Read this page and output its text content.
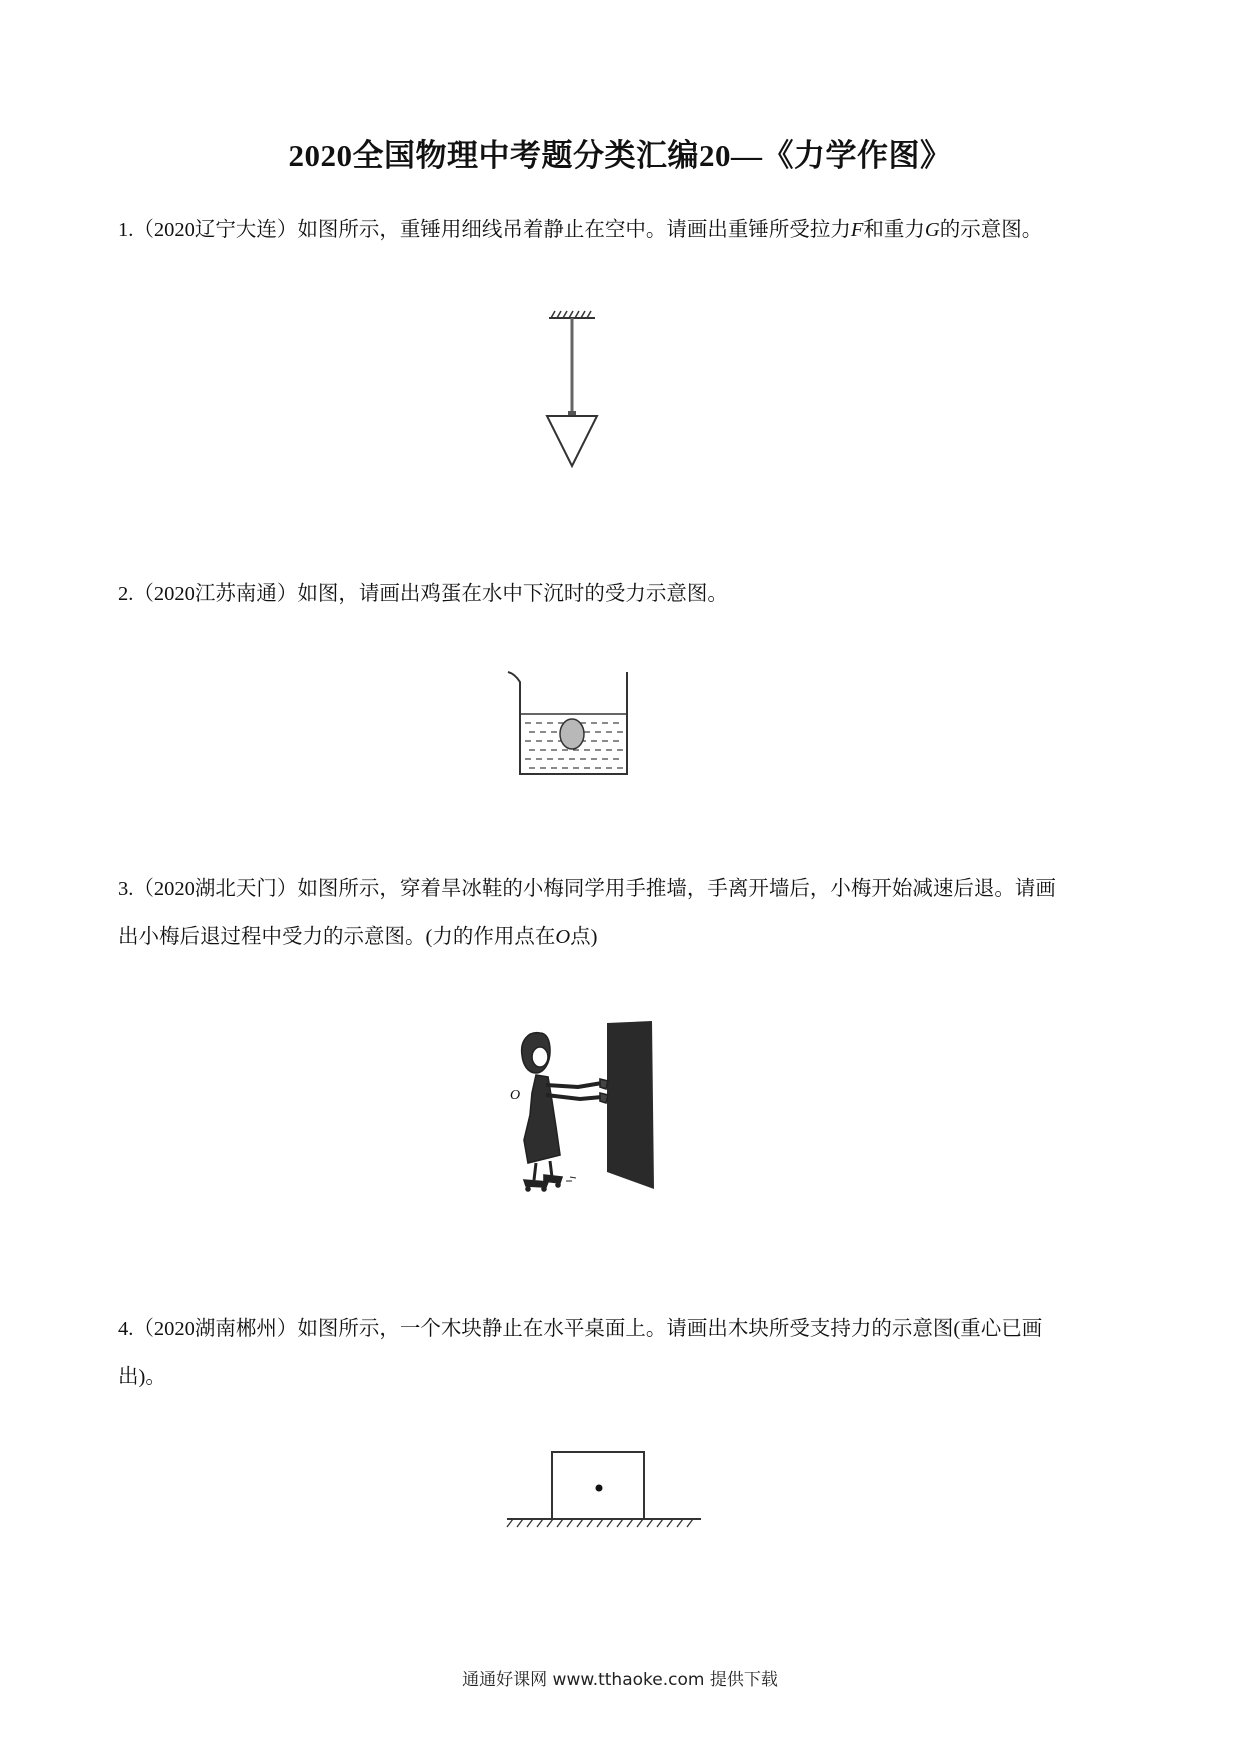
2020全国物理中考题分类汇编20—《力学作图》
1.（2020辽宁大连）如图所示，重锤用细线吊着静止在空中。请画出重锤所受拉力F和重力G的示意图。
2.（2020江苏南通）如图，请画出鸡蛋在水中下沉时的受力示意图。
3.（2020湖北天门）如图所示，穿着旱冰鞋的小梅同学用手推墙，手离开墙后，小梅开始减速后退。请画
出小梅后退过程中受力的示意图。(力的作用点在O点)
O
4.（2020湖南郴州）如图所示，一个木块静止在水平桌面上。请画出木块所受支持力的示意图(重心已画
出)。
通通好课网 www.tthaoke.com 提供下载
